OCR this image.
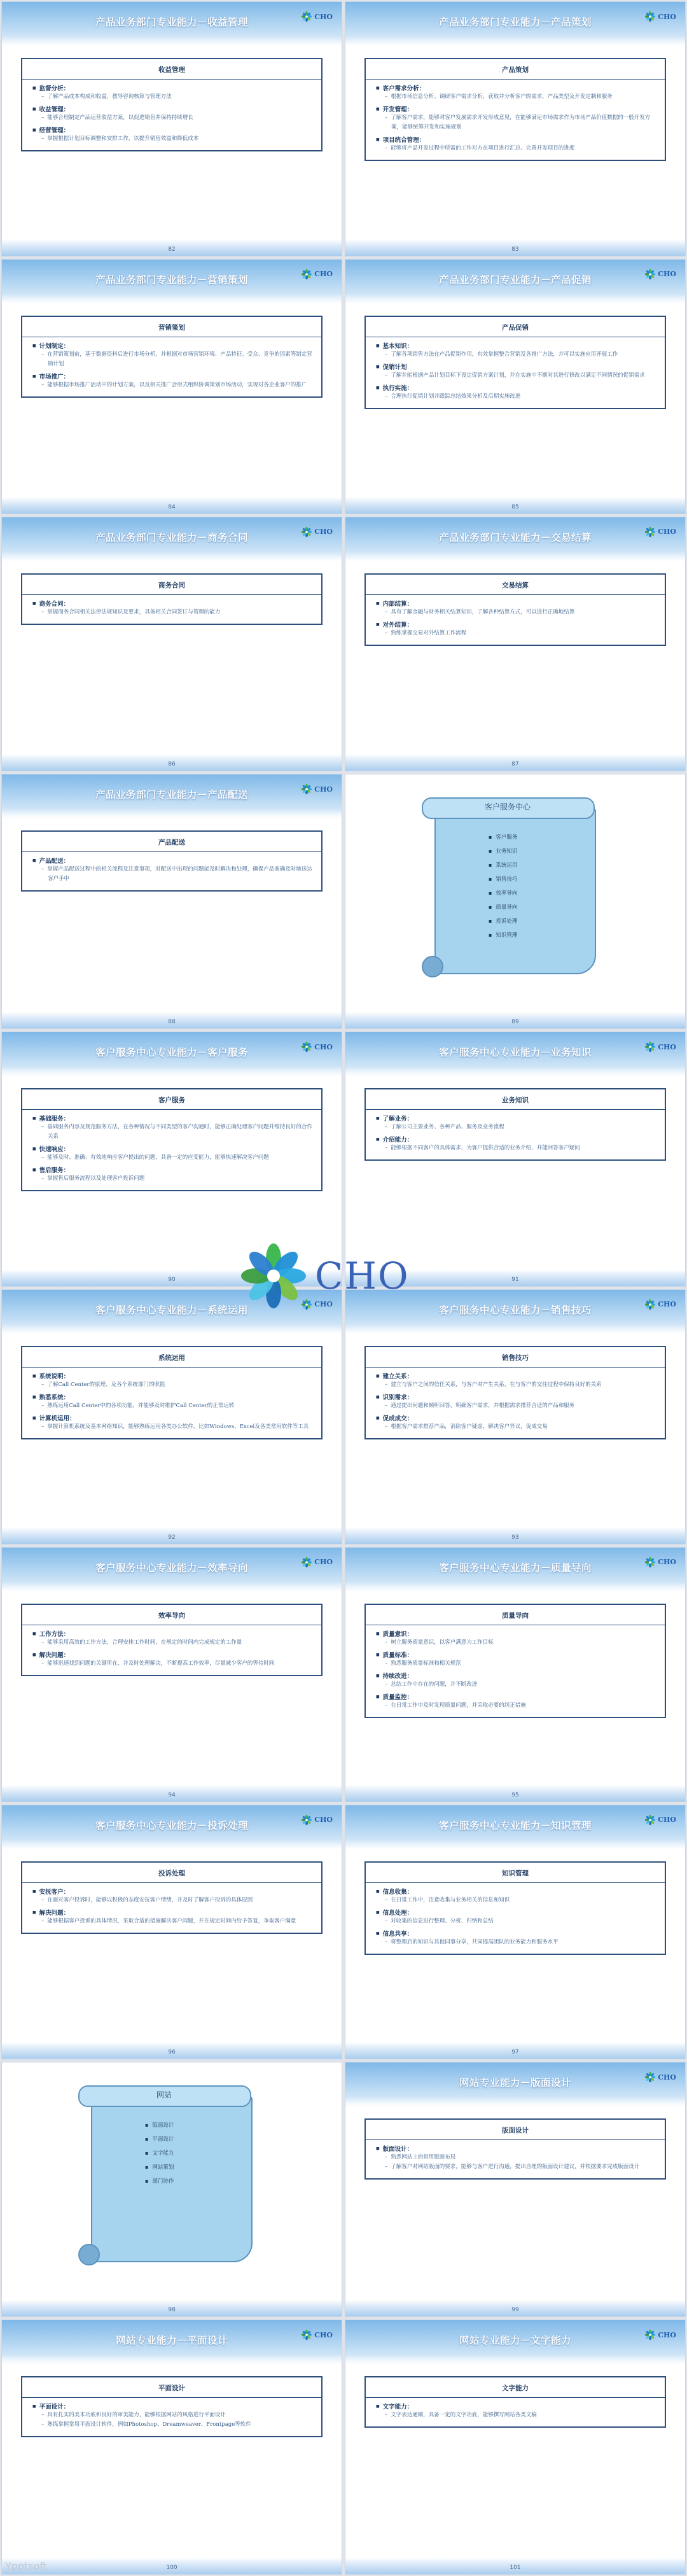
产品业务部门专业能力－收益管理	CHO
收益管理
■ 监督分析：
– 了解产品成本构成和收益，教导咨询核算与管理方法
■ 收益管理：
– 能够合理制定产品运营收益方案，以促进销售并保持持续增长
■ 经营管理：
– 掌握根据计划目标调整和安排工作，以提升销售效益和降低成本
82
产品业务部门专业能力－产品策划	CHO
产品策划
■ 客户需求分析：
– 根据市场信息分析、调研客户需求分析，获取并分析客户的需求，产品类型及开发定制和服务
■ 开发管理：
– 了解客户需求，能够对客户发展需求开发形成意见，在能够满足市场需求作为市场产品价值数据的一般开发方案，能够统筹开发和实施规划
■ 项目统合管理：
– 能够将产品开发过程中所需的工作对方在项目进行汇总、完善开发项目的进度
83
产品业务部门专业能力－营销策划	CHO
营销策划
■ 计划制定：
– 在营销策划前，基于数据资料后进行市场分析，并根据对市场营销环境、产品特征、受众、竞争的因素等制定营销计划
■ 市场推广：
– 能够根据市场推广活动中的计划方案，以及相关推广会形式组织协调策划市场活动，实现对各企业客户的推广
84
产品业务部门专业能力－产品促销	CHO
产品促销
■ 基本知识：
– 了解各项销售方法在产品促销作用，有效掌握整合营销及各推广方法，并可以实施应用开展工作
■ 促销计划
– 了解并能根据产品计划目标下设定促销方案计划，并在实施中不断对其进行修改以满足不同情况的促销需求
■ 执行实施：
– 合理执行促销计划并跟踪总结效果分析及后期实施改进
85
产品业务部门专业能力－商务合同	CHO
商务合同
■ 商务合同：
– 掌握商务合同相关法律法规知识及要求，具备相关合同签订与管理的能力
86
产品业务部门专业能力－交易结算	CHO
交易结算
■ 内部结算：
– 具有了解金融与财务相关结算知识，了解各种结算方式，可以进行正确地结算
■ 对外结算：
– 熟练掌握交易对外结算工作流程
87
产品业务部门专业能力－产品配送	CHO
产品配送
■ 产品配送：
– 掌握产品配送过程中的相关流程及注意事项，对配送中出现的问题能及时解决和处理，确保产品准确及时地送达客户手中
88
客户服务中心
▪ 客户服务
▪ 业务知识
▪ 系统运用
▪ 销售技巧
▪ 效率导向
▪ 质量导向
▪ 投诉处理
▪ 知识管理
89
客户服务中心专业能力－客户服务	CHO
客户服务
■ 基础服务：
– 基础服务内容及规范服务方法，在各种情况与不同类型的客户沟通时，能够正确处理客户问题并维持良好的合作关系
■ 快速响应：
– 能够及时、准确、有效地响应客户提出的问题，具备一定的应变能力，能够快速解决客户问题
■ 售后服务：
– 掌握售后服务流程以及处理客户投诉问题
90
客户服务中心专业能力－业务知识	CHO
业务知识
■ 了解业务：
– 了解公司主要业务、各种产品、服务及业务流程
■ 介绍能力：
– 能够根据不同客户的具体需求，为客户提供合适的业务介绍，并能回答客户疑问
91
客户服务中心专业能力－系统运用	CHO
系统运用
■ 系统说明：
– 了解Call Center的原理、及各个系统部门的职能
■ 熟悉系统：
– 熟练运用Call Center中的各项功能，并能够及时维护Call Center的正常运转
■ 计算机运用：
– 掌握计算机系统及基本网络知识，能够熟练运用各类办公软件，比如Windows、Excel及各类常用软件等工具
92
客户服务中心专业能力－销售技巧	CHO
销售技巧
■ 建立关系：
– 建立与客户之间的信任关系，与客户对产生关系，在与客户的交往过程中保持良好的关系
■ 识别需求：
– 通过提出问题和倾听回答，明确客户需求，并根据需求推荐合适的产品和服务
■ 促成成交：
– 根据客户需求推荐产品，消除客户疑虑，解决客户异议，促成交易
93
客户服务中心专业能力－效率导向	CHO
效率导向
■ 工作方法：
– 能够采用高效的工作方法，合理安排工作时间，在规定的时间内完成规定的工作量
■ 解决问题：
– 能够迅速找到问题的关键所在，并及时处理解决，不断提高工作效率，尽量减少客户的等待时间
94
客户服务中心专业能力－质量导向	CHO
质量导向
■ 质量意识：
– 树立服务质量意识，以客户满意为工作目标
■ 质量标准：
– 熟悉服务质量标准和相关规范
■ 持续改进：
– 总结工作中存在的问题，并不断改进
■ 质量监控：
– 在日常工作中及时发现质量问题，并采取必要的纠正措施
95
客户服务中心专业能力－投诉处理	CHO
投诉处理
■ 安抚客户：
– 在面对客户投诉时，能够以积极的态度安抚客户情绪，并及时了解客户投诉的具体原因
■ 解决问题：
– 能够根据客户投诉的具体情况，采取合适的措施解决客户问题，并在规定时间内给予答复，争取客户满意
96
客户服务中心专业能力－知识管理	CHO
知识管理
■ 信息收集：
– 在日常工作中，注意收集与业务相关的信息和知识
■ 信息处理：
– 对收集的信息进行整理、分析、归纳和总结
■ 信息共享：
– 将整理后的知识与其他同事分享，共同提高团队的业务能力和服务水平
97
网站
▪ 版面设计
▪ 平面设计
▪ 文字能力
▪ 网站策划
▪ 部门协作
98
网站专业能力－版面设计	CHO
版面设计
■ 版面设计：
– 熟悉网站上的常用版面布局
– 了解客户对网站版面的要求，能够与客户进行沟通，提出合理的版面设计建议，并根据要求完成版面设计
99
网站专业能力－平面设计	CHO
平面设计
■ 平面设计：
– 具有扎实的美术功底和良好的审美能力，能够根据网站的风格进行平面设计
– 熟练掌握常用平面设计软件，例如Photoshop、Dreamweaver、Frontpage等软件
100
网站专业能力－文字能力	CHO
文字能力
■ 文字能力：
– 文字表达通顺，具备一定的文字功底，能够撰写网站各类文稿
101
CHO
Ypptsoft
